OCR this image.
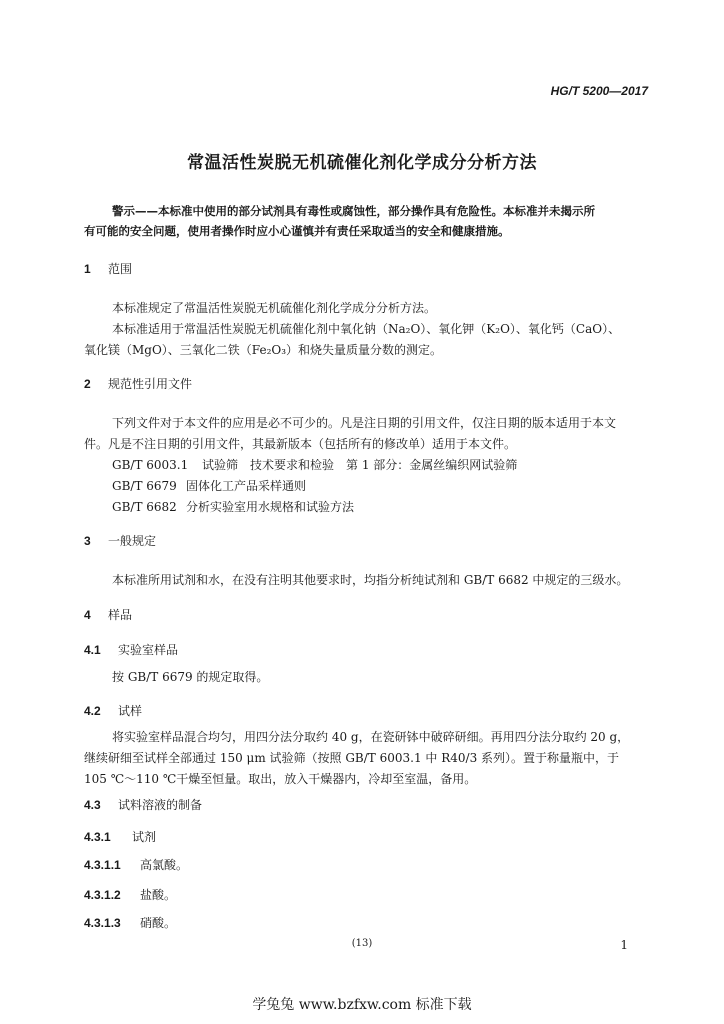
HG/T 5200—2017
常温活性炭脱无机硫催化剂化学成分分析方法

警示——本标准中使用的部分试剂具有毒性或腐蚀性，部分操作具有危险性。本标准并未揭示所

有可能的安全问题，使用者操作时应小心谨慎并有责任采取适当的安全和健康措施。

1 范围

本标准规定了常温活性炭脱无机硫催化剂化学成分分析方法。

本标准适用于常温活性炭脱无机硫催化剂中氧化钠（Na₂O）、氧化钾（K₂O）、氧化钙（CaO）、

氧化镁（MgO）、三氧化二铁（Fe₂O₃）和烧失量质量分数的测定。

2 规范性引用文件

下列文件对于本文件的应用是必不可少的。凡是注日期的引用文件，仅注日期的版本适用于本文

件。凡是不注日期的引用文件，其最新版本（包括所有的修改单）适用于本文件。

GB/T 6003.1 试验筛　技术要求和检验　第 1 部分：金属丝编织网试验筛
GB/T 6679 固体化工产品采样通则
GB/T 6682 分析实验室用水规格和试验方法
3 一般规定

本标准所用试剂和水，在没有注明其他要求时，均指分析纯试剂和 GB/T 6682 中规定的三级水。

4 样品
4.1 实验室样品

按 GB/T 6679 的规定取得。

4.2 试样

将实验室样品混合均匀，用四分法分取约 40 g，在瓷研钵中破碎研细。再用四分法分取约 20 g，

继续研细至试样全部通过 150 μm 试验筛（按照 GB/T 6003.1 中 R40/3 系列）。置于称量瓶中，于

105 ℃～110 ℃干燥至恒量。取出，放入干燥器内，冷却至室温，备用。

4.3 试料溶液的制备
4.3.1 试剂
4.3.1.1 高氯酸。
4.3.1.2 盐酸。
4.3.1.3 硝酸。
(13)	1
学兔兔 www.bzfxw.com 标准下载
